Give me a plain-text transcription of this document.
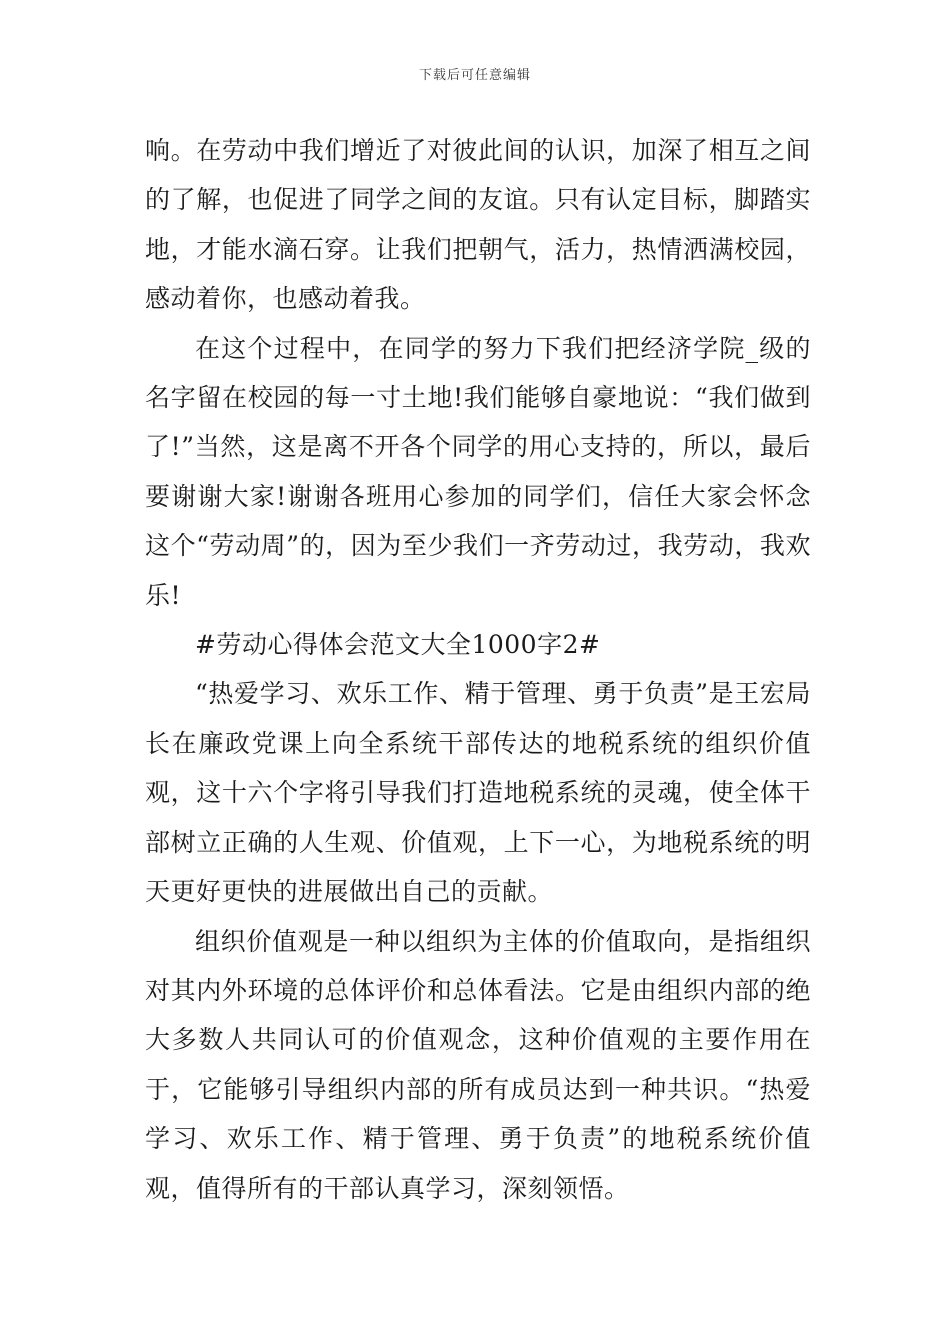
下载后可任意编辑

响。在劳动中我们增近了对彼此间的认识，加深了相互之间的了解，也促进了同学之间的友谊。只有认定目标，脚踏实地，才能水滴石穿。让我们把朝气，活力，热情洒满校园，感动着你，也感动着我。

在这个过程中，在同学的努力下我们把经济学院_级的名字留在校园的每一寸土地!我们能够自豪地说：“我们做到了!”当然，这是离不开各个同学的用心支持的，所以，最后要谢谢大家!谢谢各班用心参加的同学们，信任大家会怀念这个“劳动周”的，因为至少我们一齐劳动过，我劳动，我欢乐!

#劳动心得体会范文大全1000字2#

“热爱学习、欢乐工作、精于管理、勇于负责”是王宏局长在廉政党课上向全系统干部传达的地税系统的组织价值观，这十六个字将引导我们打造地税系统的灵魂，使全体干部树立正确的人生观、价值观，上下一心，为地税系统的明天更好更快的进展做出自己的贡献。

组织价值观是一种以组织为主体的价值取向，是指组织对其内外环境的总体评价和总体看法。它是由组织内部的绝大多数人共同认可的价值观念，这种价值观的主要作用在于，它能够引导组织内部的所有成员达到一种共识。“热爱学习、欢乐工作、精于管理、勇于负责”的地税系统价值观，值得所有的干部认真学习，深刻领悟。
